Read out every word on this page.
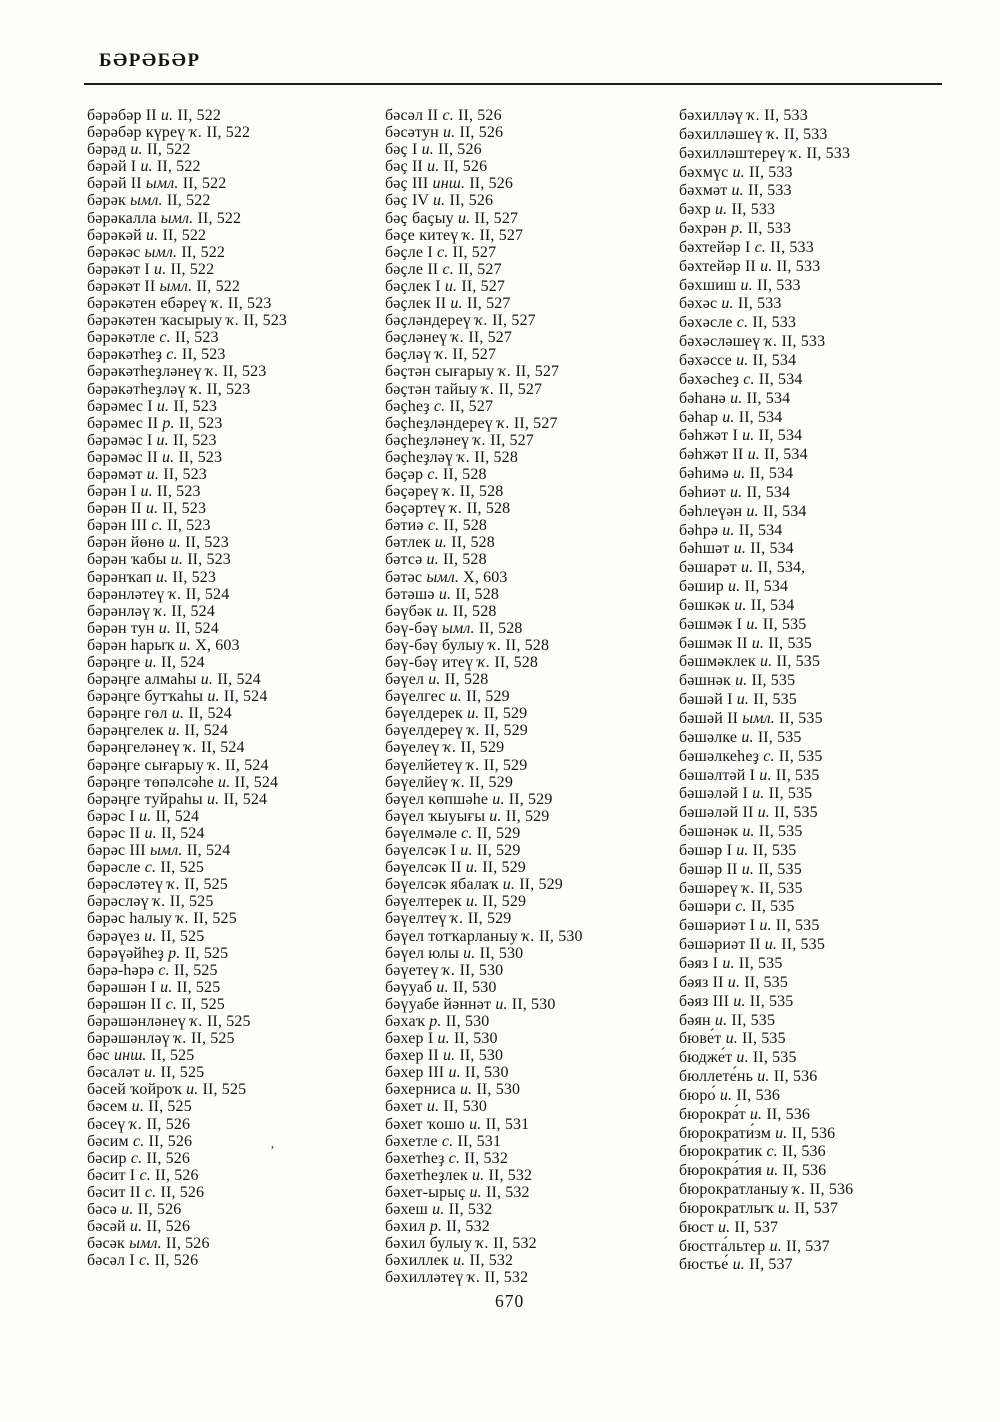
БӘРӘБӘР
бәрәбәр II и. II, 522
бәрәбәр күреү ҡ. II, 522
бәрәд и. II, 522
бәрәй I и. II, 522
бәрәй II ымл. II, 522
бәрәк ымл. II, 522
бәрәкалла ымл. II, 522
бәрәкәй и. II, 522
бәрәкәс ымл. II, 522
бәрәкәт I и. II, 522
бәрәкәт II ымл. II, 522
бәрәкәтен ебәреү ҡ. II, 523
бәрәкәтен ҡасырыу ҡ. II, 523
бәрәкәтле с. II, 523
бәрәкәтһеҙ с. II, 523
бәрәкәтһеҙләнеү ҡ. II, 523
бәрәкәтһеҙләү ҡ. II, 523
бәрәмес I и. II, 523
бәрәмес II р. II, 523
бәрәмәс I и. II, 523
бәрәмәс II и. II, 523
бәрәмәт и. II, 523
бәрән I и. II, 523
бәрән II и. II, 523
бәрән III с. II, 523
бәрән йөнө и. II, 523
бәрән ҡабы и. II, 523
бәрәнҡап и. II, 523
бәрәнләтеү ҡ. II, 524
бәрәнләү ҡ. II, 524
бәрән тун и. II, 524
бәрән һарыҡ и. X, 603
бәрәңге и. II, 524
бәрәңге алмаһы и. II, 524
бәрәңге бутҡаһы и. II, 524
бәрәңге гөл и. II, 524
бәрәңгелек и. II, 524
бәрәңгеләнеү ҡ. II, 524
бәрәңге сығарыу ҡ. II, 524
бәрәңге төпәлсәһе и. II, 524
бәрәңге туйраһы и. II, 524
бәрәс I и. II, 524
бәрәс II и. II, 524
бәрәс III ымл. II, 524
бәрәсле с. II, 525
бәрәсләтеү ҡ. II, 525
бәрәсләү ҡ. II, 525
бәрәс һалыу ҡ. II, 525
бәрәүез и. II, 525
бәрәүәйһеҙ р. II, 525
бәрә-һәрә с. II, 525
бәрәшән I и. II, 525
бәрәшән II с. II, 525
бәрәшәнләнеү ҡ. II, 525
бәрәшәнләү ҡ. II, 525
бәс инш. II, 525
бәсаләт и. II, 525
бәсей ҡойроҡ и. II, 525
бәсем и. II, 525
бәсеү ҡ. II, 526
бәсим с. II, 526
бәсир с. II, 526
бәсит I с. II, 526
бәсит II с. II, 526
бәсә и. II, 526
бәсәй и. II, 526
бәсәк ымл. II, 526
бәсәл I с. II, 526
бәсәл II с. II, 526
бәсәтун и. II, 526
бәҫ I и. II, 526
бәҫ II и. II, 526
бәҫ III инш. II, 526
бәҫ IV и. II, 526
бәҫ баҫыу и. II, 527
бәҫе китеү ҡ. II, 527
бәҫле I с. II, 527
бәҫле II с. II, 527
бәҫлек I и. II, 527
бәҫлек II и. II, 527
бәҫләндереү ҡ. II, 527
бәҫләнеү ҡ. II, 527
бәҫләү ҡ. II, 527
бәҫтән сығарыу ҡ. II, 527
бәҫтән тайыу ҡ. II, 527
бәҫһеҙ с. II, 527
бәҫһеҙләндереү ҡ. II, 527
бәҫһеҙләнеү ҡ. II, 527
бәҫһеҙләү ҡ. II, 528
бәҫәр с. II, 528
бәҫәреү ҡ. II, 528
бәҫәртеү ҡ. II, 528
бәтиә с. II, 528
бәтлек и. II, 528
бәтсә и. II, 528
бәтәс ымл. X, 603
бәтәшә и. II, 528
бәүбәк и. II, 528
бәү-бәү ымл. II, 528
бәү-бәү булыу ҡ. II, 528
бәү-бәү итеү ҡ. II, 528
бәүел и. II, 528
бәүелгес и. II, 529
бәүелдерек и. II, 529
бәүелдереү ҡ. II, 529
бәүелеү ҡ. II, 529
бәүелйетеү ҡ. II, 529
бәүелйеү ҡ. II, 529
бәүел көпшәһе и. II, 529
бәүел ҡыуығы и. II, 529
бәүелмәле с. II, 529
бәүелсәк I и. II, 529
бәүелсәк II и. II, 529
бәүелсәк ябалаҡ и. II, 529
бәүелтерек и. II, 529
бәүелтеү ҡ. II, 529
бәүел тотҡарланыу ҡ. II, 530
бәүел юлы и. II, 530
бәүетеү ҡ. II, 530
бәүуаб и. II, 530
бәүуабе йәннәт и. II, 530
бәхаҡ р. II, 530
бәхер I и. II, 530
бәхер II и. II, 530
бәхер III и. II, 530
бәхерниса и. II, 530
бәхет и. II, 530
бәхет ҡошо и. II, 531
бәхетле с. II, 531
бәхетһеҙ с. II, 532
бәхетһеҙлек и. II, 532
бәхет-ырыҫ и. II, 532
бәхеш и. II, 532
бәхил р. II, 532
бәхил булыу ҡ. II, 532
бәхиллек и. II, 532
бәхилләтеү ҡ. II, 532
бәхилләү ҡ. II, 533
бәхилләшеү ҡ. II, 533
бәхилләштереү ҡ. II, 533
бәхмүс и. II, 533
бәхмәт и. II, 533
бәхр и. II, 533
бәхрән р. II, 533
бәхтейәр I с. II, 533
бәхтейәр II и. II, 533
бәхшиш и. II, 533
бәхәс и. II, 533
бәхәсле с. II, 533
бәхәсләшеү ҡ. II, 533
бәхәссе и. II, 534
бәхәсһеҙ с. II, 534
бәһанә и. II, 534
бәһар и. II, 534
бәһжәт I и. II, 534
бәһжәт II и. II, 534
бәһимә и. II, 534
бәһиәт и. II, 534
бәһлеүән и. II, 534
бәһрә и. II, 534
бәһшәт и. II, 534
бәшарәт и. II, 534,
бәшир и. II, 534
бәшкәк и. II, 534
бәшмәк I и. II, 535
бәшмәк II и. II, 535
бәшмәклек и. II, 535
бәшнәк и. II, 535
бәшәй I и. II, 535
бәшәй II ымл. II, 535
бәшәлке и. II, 535
бәшәлкеһеҙ с. II, 535
бәшәлтәй I и. II, 535
бәшәләй I и. II, 535
бәшәләй II и. II, 535
бәшәнәк и. II, 535
бәшәр I и. II, 535
бәшәр II и. II, 535
бәшәреү ҡ. II, 535
бәшәри с. II, 535
бәшәриәт I и. II, 535
бәшәриәт II и. II, 535
бәяз I и. II, 535
бәяз II и. II, 535
бәяз III и. II, 535
бәян и. II, 535
бюве́т и. II, 535
бюдже́т и. II, 535
бюллете́нь и. II, 536
бюро́ и. II, 536
бюрокра́т и. II, 536
бюрократи́зм и. II, 536
бюрократик с. II, 536
бюрокра́тия и. II, 536
бюрократланыу ҡ. II, 536
бюрократлыҡ и. II, 537
бюст и. II, 537
бюстга́льтер и. II, 537
бюстье́ и. II, 537
ʼ
670
